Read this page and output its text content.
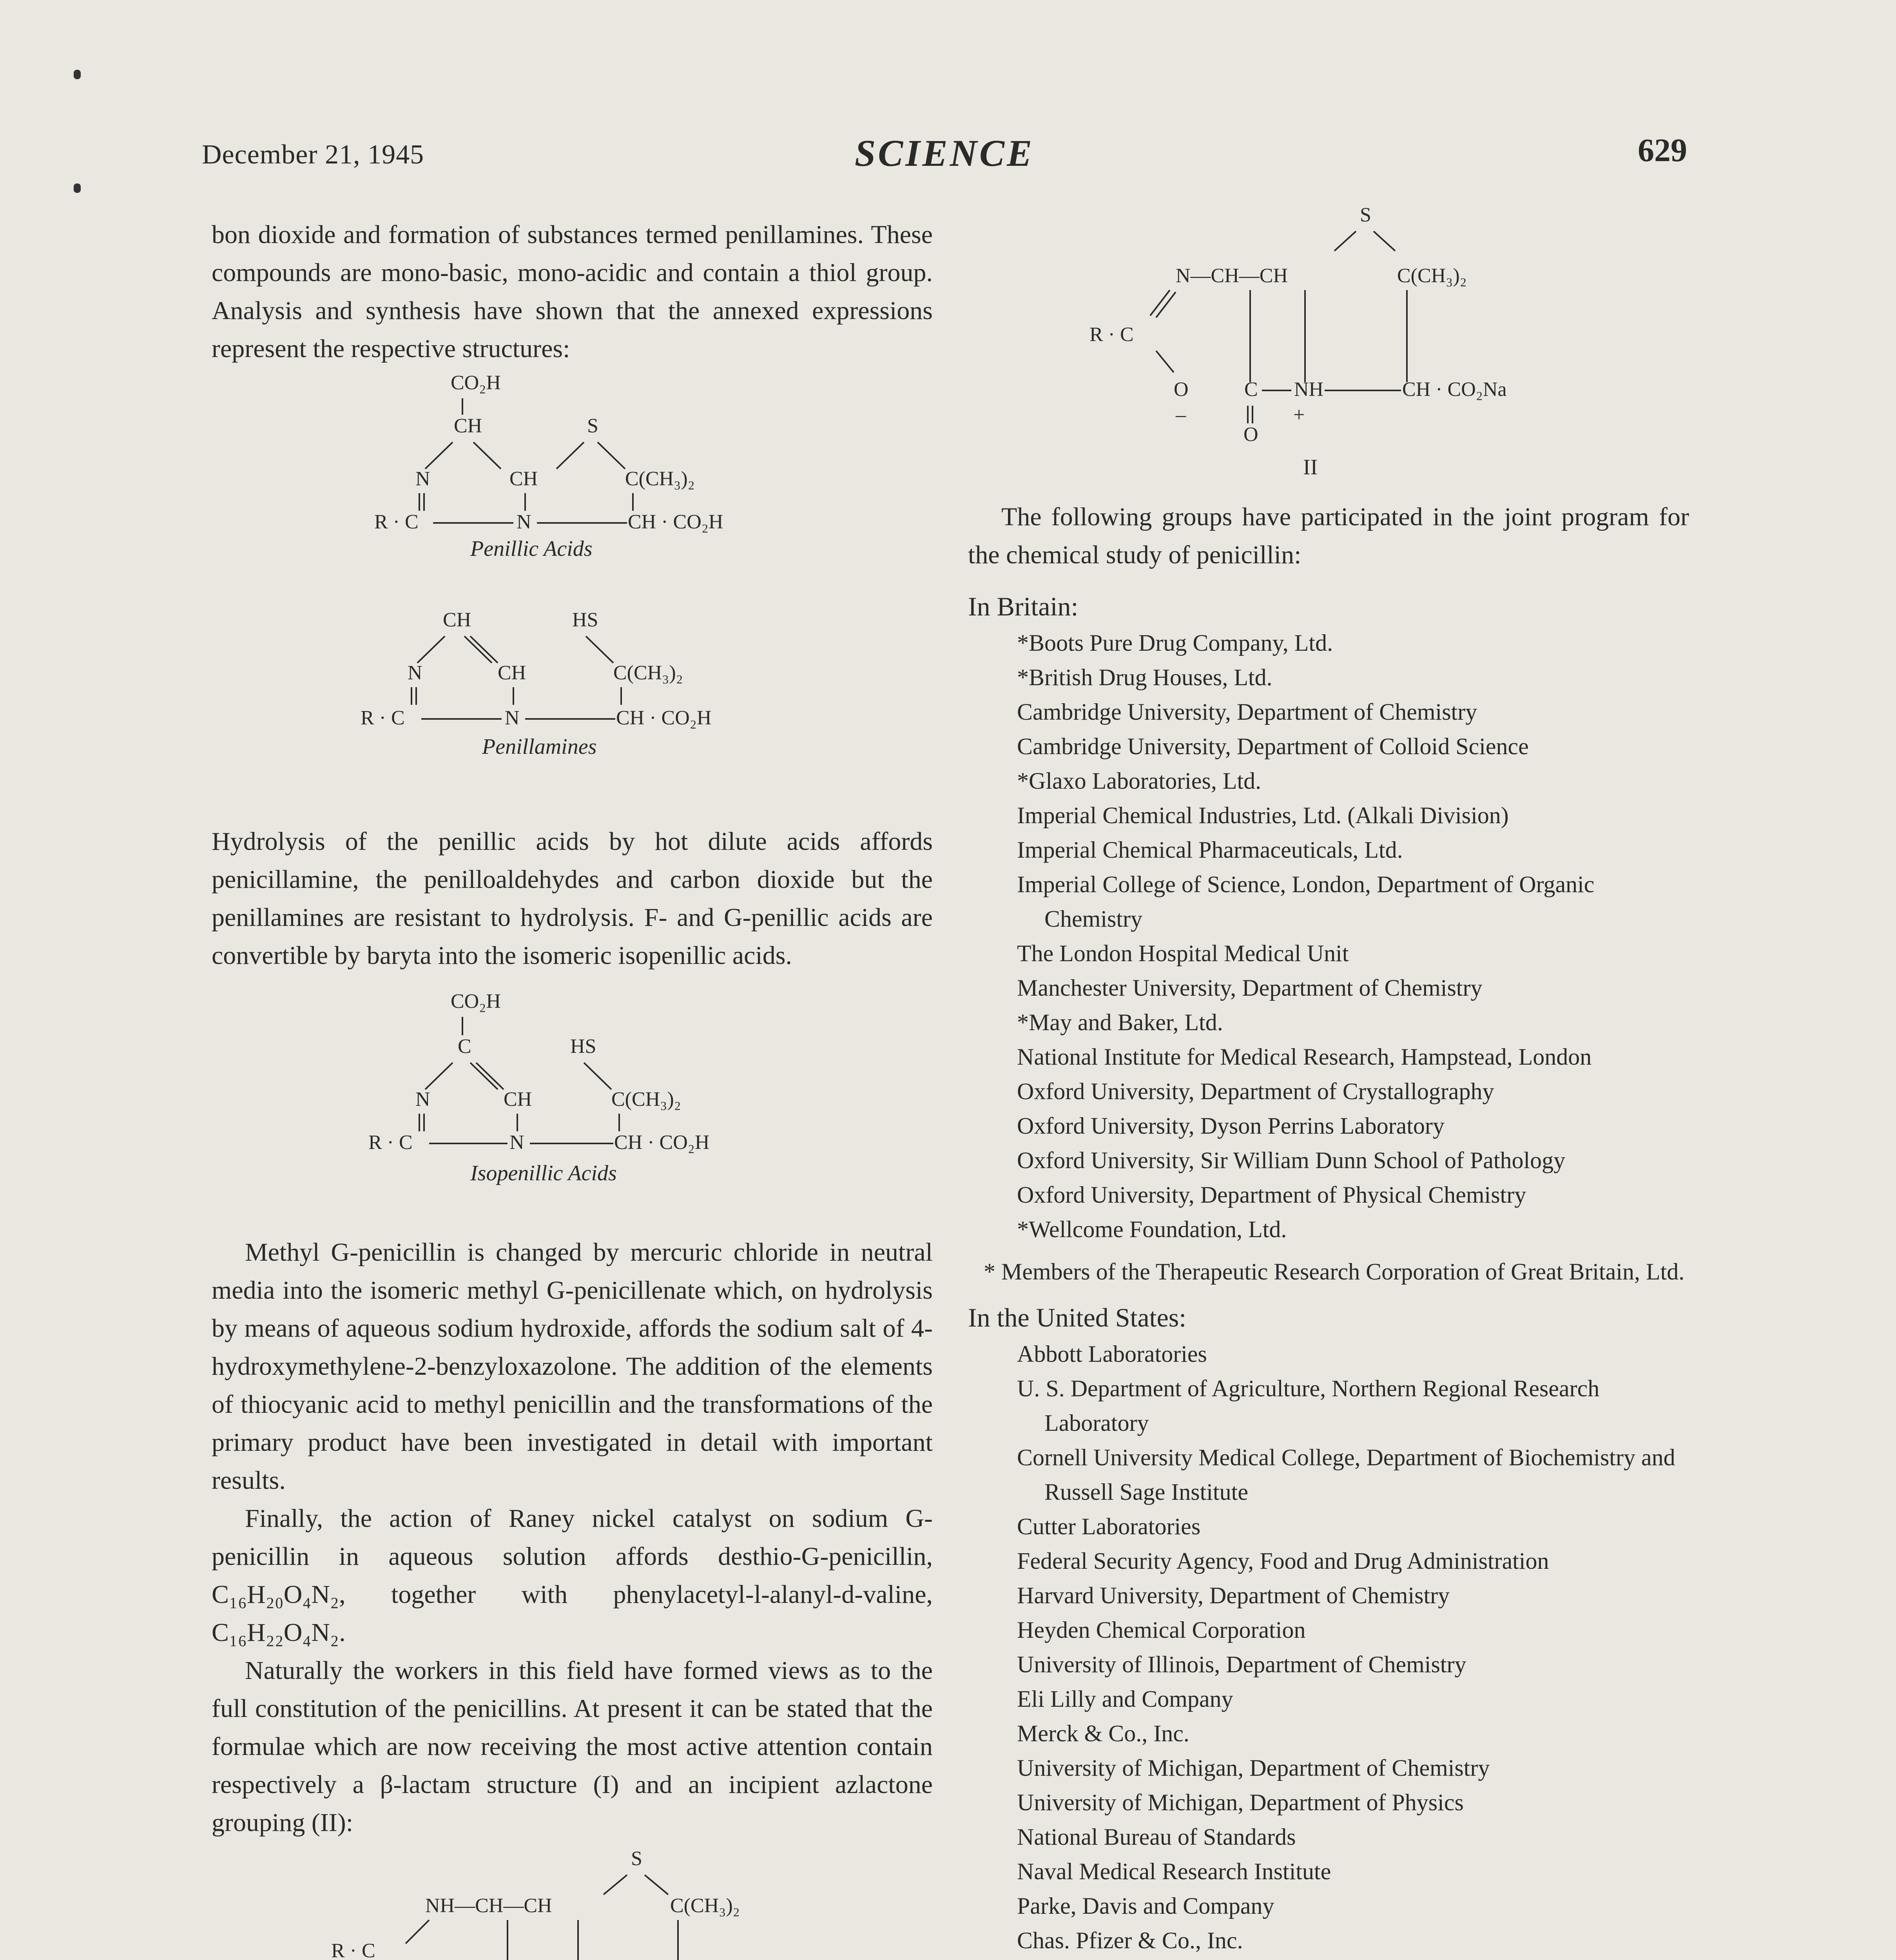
December 21, 1945	SCIENCE	629

bon dioxide and formation of substances termed penillamines. These compounds are mono-basic, mono-acidic and contain a thiol group. Analysis and synthesis have shown that the annexed expressions represent the respective structures:

CO₂H
CH	S
N	CH	C(CH₃)₂
R · C	N	CH · CO₂H
Penillic Acids
CH	HS
N	CH	C(CH₃)₂
R · C	N	CH · CO₂H
Penillamines

Hydrolysis of the penillic acids by hot dilute acids affords penicillamine, the penilloaldehydes and carbon dioxide but the penillamines are resistant to hydrolysis. F- and G-penillic acids are convertible by baryta into the isomeric isopenillic acids.

CO₂H
C	HS
N	CH	C(CH₃)₂
R · C	N	CH · CO₂H
Isopenillic Acids

Methyl G-penicillin is changed by mercuric chloride in neutral media into the isomeric methyl G-penicillenate which, on hydrolysis by means of aqueous sodium hydroxide, affords the sodium salt of 4-hydroxymethylene-2-benzyloxazolone. The addition of the elements of thiocyanic acid to methyl penicillin and the transformations of the primary product have been investigated in detail with important results.

Finally, the action of Raney nickel catalyst on sodium G-penicillin in aqueous solution affords desthio-G-penicillin, C₁₆H₂₀O₄N₂, together with phenylacetyl-l-alanyl-d-valine, C₁₆H₂₂O₄N₂.

Naturally the workers in this field have formed views as to the full constitution of the penicillins. At present it can be stated that the formulae which are now receiving the most active attention contain respectively a β-lactam structure (I) and an incipient azlactone grouping (II):

S
NH—CH—CH	C(CH₃)₂
R · C
S
N—CH—CH	C(CH₃)₂
R · C
O	C NH	CH · CO₂Na
–	+
O
II

The following groups have participated in the joint program for the chemical study of penicillin:

In Britain:

*Boots Pure Drug Company, Ltd.
*British Drug Houses, Ltd.
Cambridge University, Department of Chemistry
Cambridge University, Department of Colloid Science
*Glaxo Laboratories, Ltd.
Imperial Chemical Industries, Ltd. (Alkali Division)
Imperial Chemical Pharmaceuticals, Ltd.
Imperial College of Science, London, Department of Organic Chemistry
The London Hospital Medical Unit
Manchester University, Department of Chemistry
*May and Baker, Ltd.
National Institute for Medical Research, Hampstead, London
Oxford University, Department of Crystallography
Oxford University, Dyson Perrins Laboratory
Oxford University, Sir William Dunn School of Pathology
Oxford University, Department of Physical Chemistry
*Wellcome Foundation, Ltd.

* Members of the Therapeutic Research Corporation of Great Britain, Ltd.

In the United States:

Abbott Laboratories
U. S. Department of Agriculture, Northern Regional Research Laboratory
Cornell University Medical College, Department of Biochemistry and Russell Sage Institute
Cutter Laboratories
Federal Security Agency, Food and Drug Administration
Harvard University, Department of Chemistry
Heyden Chemical Corporation
University of Illinois, Department of Chemistry
Eli Lilly and Company
Merck & Co., Inc.
University of Michigan, Department of Chemistry
University of Michigan, Department of Physics
National Bureau of Standards
Naval Medical Research Institute
Parke, Davis and Company
Chas. Pfizer & Co., Inc.
